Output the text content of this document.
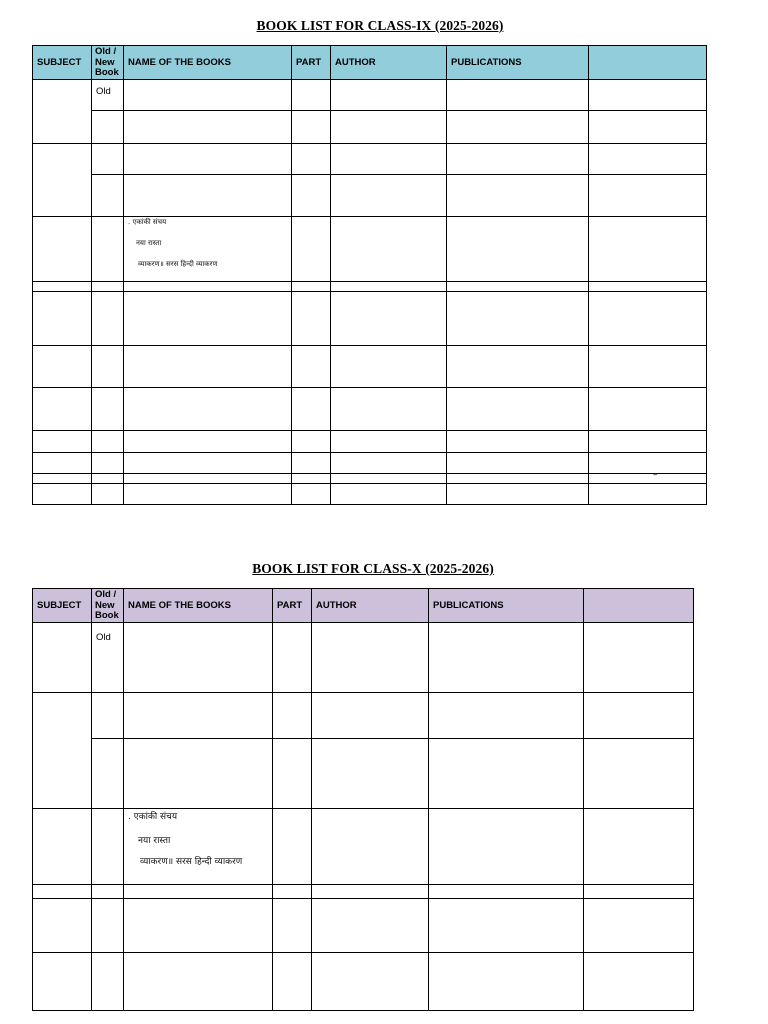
BOOK LIST FOR CLASS-IX (2025-2026)
SUBJECT	Old / New Book	NAME OF THE BOOKS	PART	AUTHOR	PUBLICATIONS	
	Old					

		. एकांकी संचय
नया रास्ता
व्याकरण॥ सरस हिन्दी व्याकरण				

						–

BOOK LIST FOR CLASS-X (2025-2026)
SUBJECT	Old / New Book	NAME OF THE BOOKS	PART	AUTHOR	PUBLICATIONS	
	Old					

		. एकांकी संचय
नया रास्ता
व्याकरण॥ सरस हिन्दी व्याकरण				
